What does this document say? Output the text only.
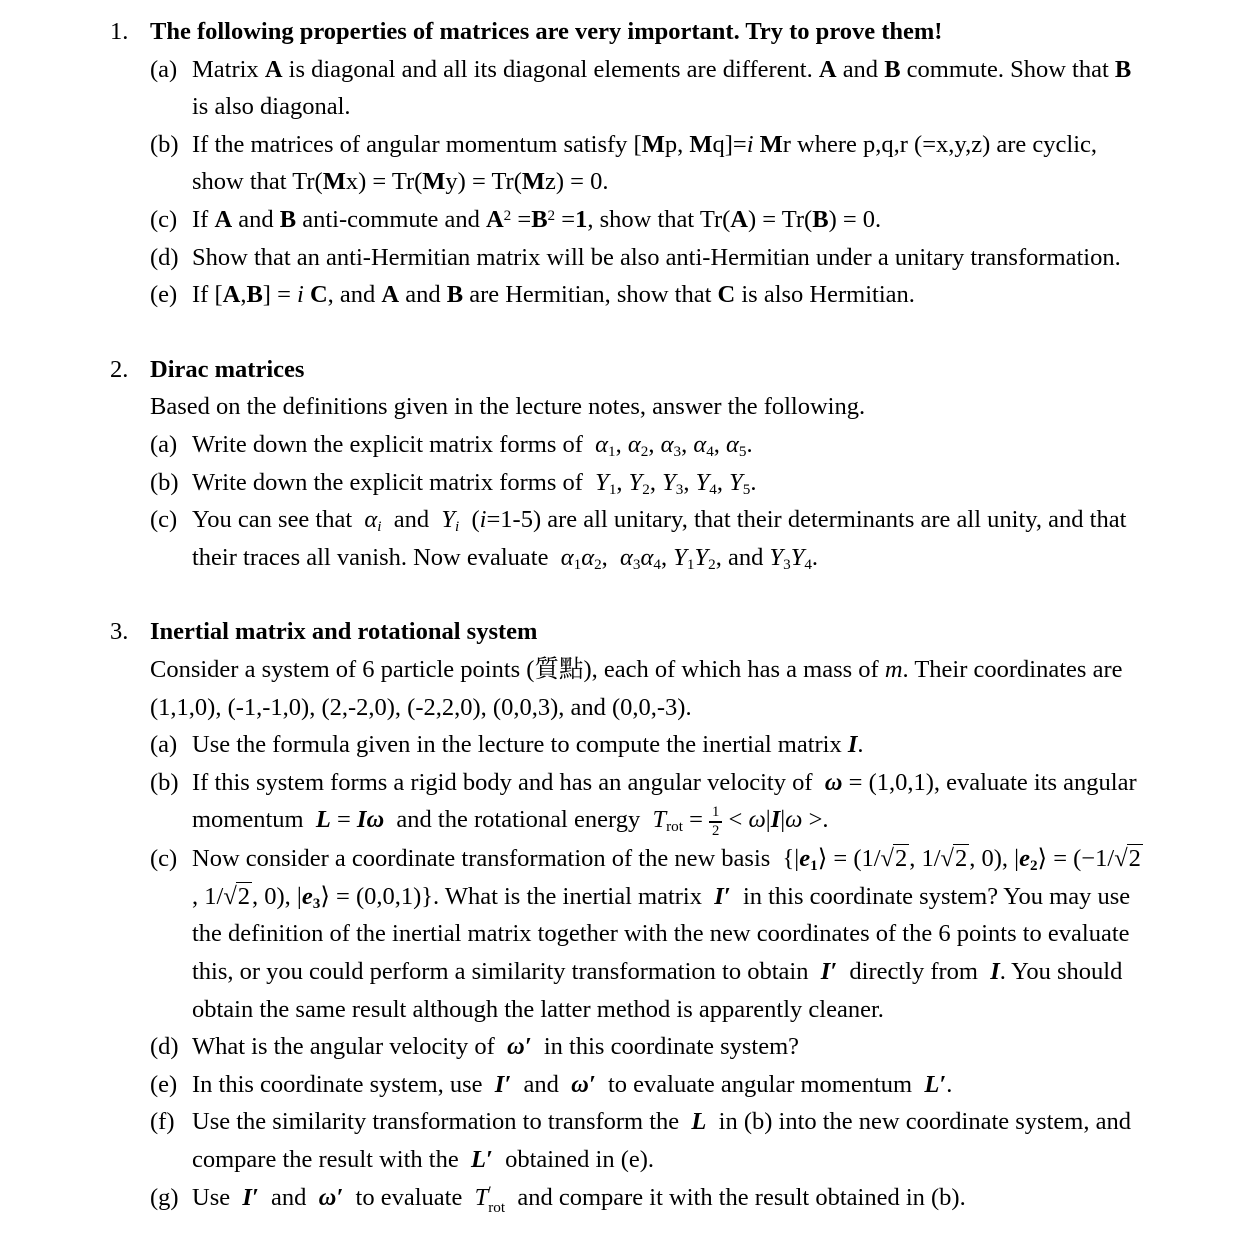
1. The following properties of matrices are very important. Try to prove them!
(a) Matrix A is diagonal and all its diagonal elements are different. A and B commute. Show that B is also diagonal.
(b) If the matrices of angular momentum satisfy [Mp, Mq]=i Mr where p,q,r (=x,y,z) are cyclic, show that Tr(Mx) = Tr(My) = Tr(Mz) = 0.
(c) If A and B anti-commute and $A^2 =B^2 =1$, show that Tr(A) = Tr(B) = 0.
(d) Show that an anti-Hermitian matrix will be also anti-Hermitian under a unitary transformation.
(e) If [A,B] = i C, and A and B are Hermitian, show that C is also Hermitian.
2. Dirac matrices
Based on the definitions given in the lecture notes, answer the following.
(a) Write down the explicit matrix forms of  $\alpha_1$, $\alpha_2$, $\alpha_3$, $\alpha_4$, $\alpha_5$.
(b) Write down the explicit matrix forms of  $Y_1$, $Y_2$, $Y_3$, $Y_4$, $Y_5$.
(c) You can see that  $\alpha_i$  and  $Y_i$  (i=1-5) are all unitary, that their determinants are all unity, and that their traces all vanish. Now evaluate  $\alpha_1\alpha_2$,  $\alpha_3\alpha_4$, $Y_1Y_2$, and $Y_3Y_4$.
3. Inertial matrix and rotational system
Consider a system of 6 particle points (質點), each of which has a mass of m. Their coordinates are (1,1,0), (-1,-1,0), (2,-2,0), (-2,2,0), (0,0,3), and (0,0,-3).
(a) Use the formula given in the lecture to compute the inertial matrix I.
(b) If this system forms a rigid body and has an angular velocity of  ω = (1,0,1), evaluate its angular momentum  L = Iω  and the rotational energy  $T_{rot} = \frac{1}{2} < \omega|I|\omega$ >.
(c) Now consider a coordinate transformation of the new basis  {$|e_1⟩ = (1/√2$, 1/√2, 0), $|e_2⟩ = (-1/√2$, 1/√2, 0), $|e_3⟩ = (0,0,1)$}. What is the inertial matrix  I′  in this coordinate system? You may use the definition of the inertial matrix together with the new coordinates of the 6 points to evaluate this, or you could perform a similarity transformation to obtain  I′  directly from  I. You should obtain the same result although the latter method is apparently cleaner.
(d) What is the angular velocity of  ω′  in this coordinate system?
(e) In this coordinate system, use  I′  and  ω′  to evaluate angular momentum  L′.
(f) Use the similarity transformation to transform the  L  in (b) into the new coordinate system, and compare the result with the  L′  obtained in (e).
(g) Use  I′  and  ω′  to evaluate  T ′
rot and compare it with the result obtained in (b).
